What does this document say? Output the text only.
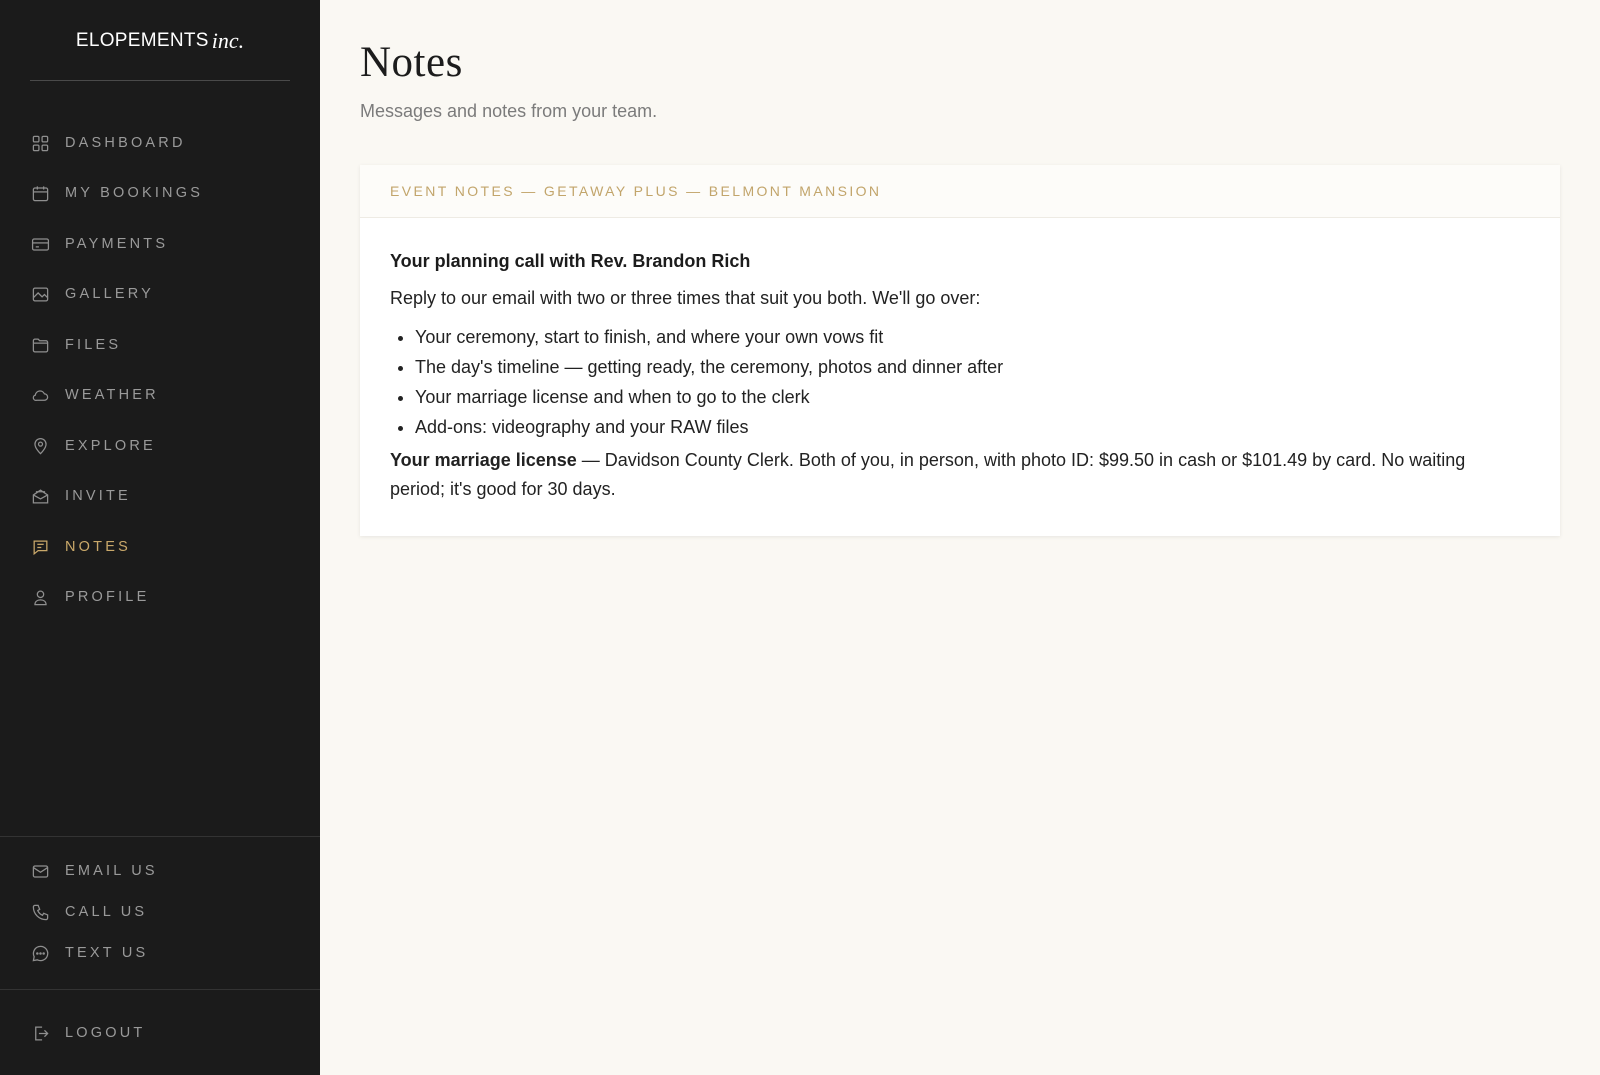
ELOPEMENTS inc.
DASHBOARD
MY BOOKINGS
PAYMENTS
GALLERY
FILES
WEATHER
EXPLORE
INVITE
NOTES
PROFILE
EMAIL US
CALL US
TEXT US
LOGOUT
Notes

Messages and notes from your team.

EVENT NOTES — GETAWAY PLUS — BELMONT MANSION

Your planning call with Rev. Brandon Rich

Reply to our email with two or three times that suit you both. We'll go over:

• Your ceremony, start to finish, and where your own vows fit
• The day's timeline — getting ready, the ceremony, photos and dinner after
• Your marriage license and when to go to the clerk
• Add-ons: videography and your RAW files

Your marriage license — Davidson County Clerk. Both of you, in person, with photo ID: $99.50 in cash or $101.49 by card. No waiting period; it's good for 30 days.
